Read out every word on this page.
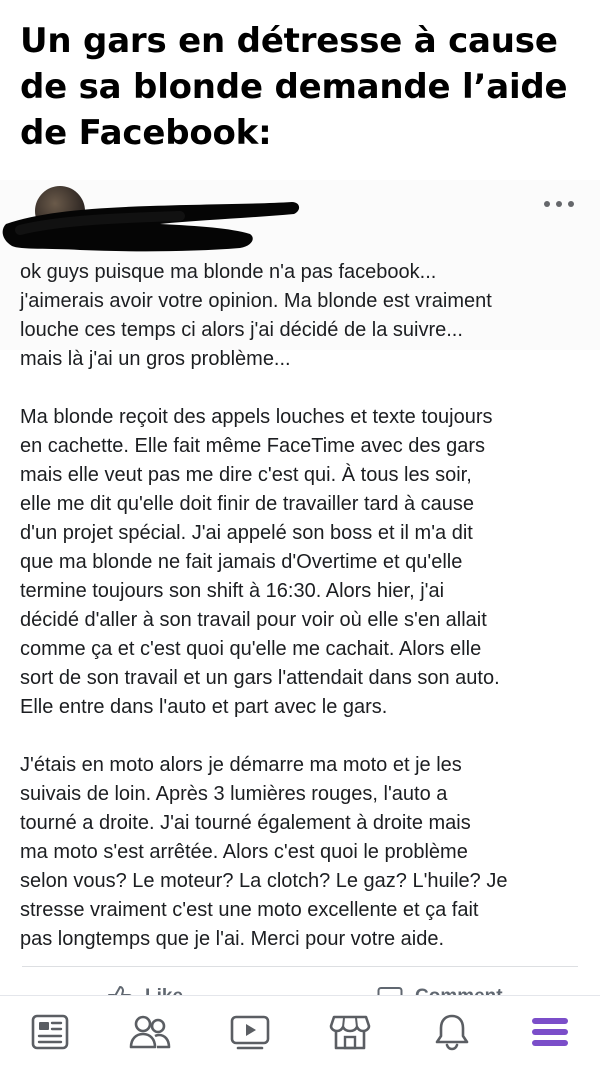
Un gars en détresse à cause
de sa blonde demande l’aide
de Facebook:

ok guys puisque ma blonde n'a pas facebook...
j'aimerais avoir votre opinion. Ma blonde est vraiment
louche ces temps ci alors j'ai décidé de la suivre...
mais là j'ai un gros problème...

Ma blonde reçoit des appels louches et texte toujours
en cachette. Elle fait même FaceTime avec des gars
mais elle veut pas me dire c'est qui. À tous les soir,
elle me dit qu'elle doit finir de travailler tard à cause
d'un projet spécial. J'ai appelé son boss et il m'a dit
que ma blonde ne fait jamais d'Overtime et qu'elle
termine toujours son shift à 16:30. Alors hier, j'ai
décidé d'aller à son travail pour voir où elle s'en allait
comme ça et c'est quoi qu'elle me cachait. Alors elle
sort de son travail et un gars l'attendait dans son auto.
Elle entre dans l'auto et part avec le gars.

J'étais en moto alors je démarre ma moto et je les
suivais de loin. Après 3 lumières rouges, l'auto a
tourné a droite. J'ai tourné également à droite mais
ma moto s'est arrêtée. Alors c'est quoi le problème
selon vous? Le moteur? La clotch? Le gaz? L'huile? Je
stresse vraiment c'est une moto excellente et ça fait
pas longtemps que je l'ai. Merci pour votre aide.
